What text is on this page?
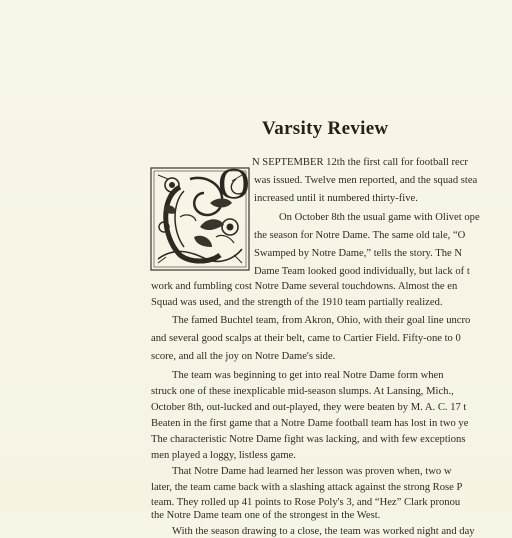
Varsity Review
O N SEPTEMBER 12th the first call for football recr
was issued. Twelve men reported, and the squad stea
increased until it numbered thirty-five.
On October 8th the usual game with Olivet ope
the season for Notre Dame. The same old tale, “O
Swamped by Notre Dame,” tells the story. The N
Dame Team looked good individually, but lack of t
work and fumbling cost Notre Dame several touchdowns. Almost the en
Squad was used, and the strength of the 1910 team partially realized.
The famed Buchtel team, from Akron, Ohio, with their goal line uncro
and several good scalps at their belt, came to Cartier Field. Fifty-one to 0
score, and all the joy on Notre Dame's side.
The team was beginning to get into real Notre Dame form when
struck one of these inexplicable mid-season slumps. At Lansing, Mich.,
October 8th, out-lucked and out-played, they were beaten by M. A. C. 17 t
Beaten in the first game that a Notre Dame football team has lost in two ye
The characteristic Notre Dame fight was lacking, and with few exceptions
men played a loggy, listless game.
That Notre Dame had learned her lesson was proven when, two w
later, the team came back with a slashing attack against the strong Rose P
team. They rolled up 41 points to Rose Poly's 3, and “Hez” Clark pronou
the Notre Dame team one of the strongest in the West.
With the season drawing to a close, the team was worked night and day
